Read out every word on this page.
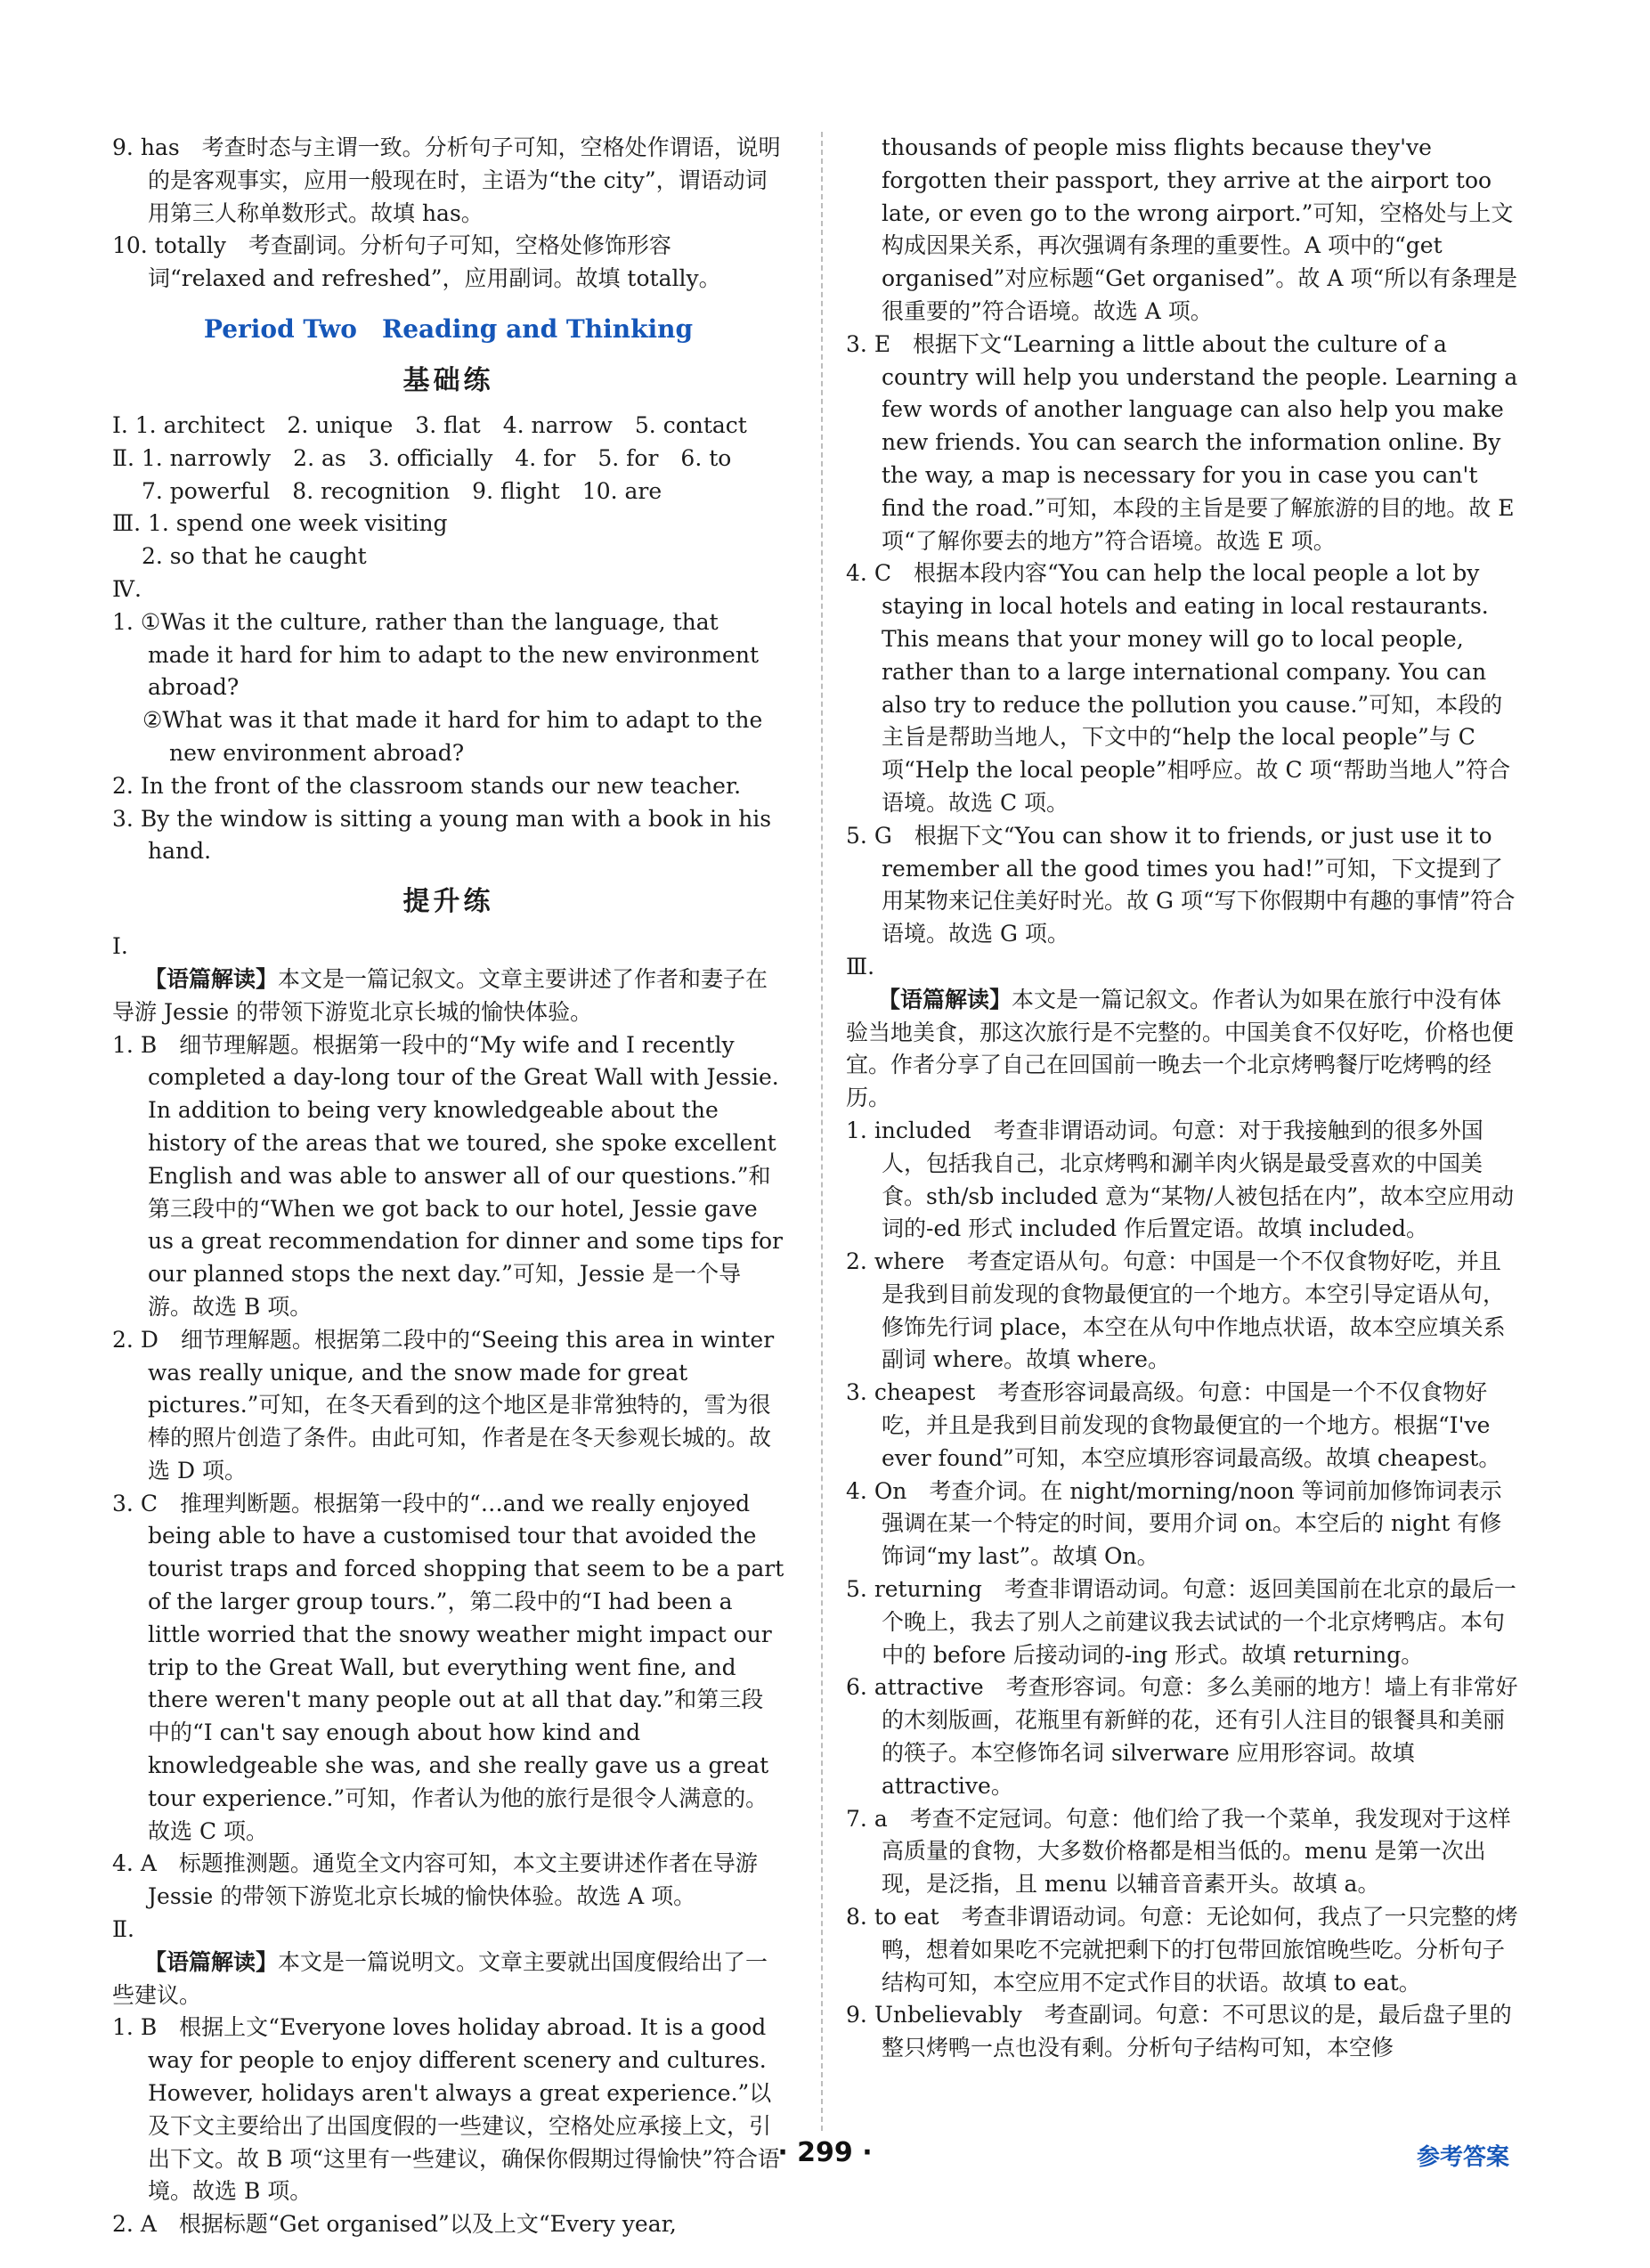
9. has　考查时态与主谓一致。分析句子可知，空格处作谓语，说明的是客观事实，应用一般现在时，主语为“the city”，谓语动词用第三人称单数形式。故填 has。

10. totally　考查副词。分析句子可知，空格处修饰形容词“relaxed and refreshed”，应用副词。故填 totally。

Period Two　Reading and Thinking
基础练

Ⅰ. 1. architect　2. unique　3. flat　4. narrow　5. contact

Ⅱ. 1. narrowly　2. as　3. officially　4. for　5. for　6. to

　 7. powerful　8. recognition　9. flight　10. are

Ⅲ. 1. spend one week visiting

　 2. so that he caught

Ⅳ.

1. ①Was it the culture, rather than the language, that made it hard for him to adapt to the new environment abroad?

②What was it that made it hard for him to adapt to the new environment abroad?

2. In the front of the classroom stands our new teacher.

3. By the window is sitting a young man with a book in his hand.

提升练
Ⅰ.

【语篇解读】本文是一篇记叙文。文章主要讲述了作者和妻子在导游 Jessie 的带领下游览北京长城的愉快体验。

1. B　细节理解题。根据第一段中的“My wife and I recently completed a day-long tour of the Great Wall with Jessie. In addition to being very knowledgeable about the history of the areas that we toured, she spoke excellent English and was able to answer all of our questions.”和第三段中的“When we got back to our hotel, Jessie gave us a great recommendation for dinner and some tips for our planned stops the next day.”可知，Jessie 是一个导游。故选 B 项。

2. D　细节理解题。根据第二段中的“Seeing this area in winter was really unique, and the snow made for great pictures.”可知，在冬天看到的这个地区是非常独特的，雪为很棒的照片创造了条件。由此可知，作者是在冬天参观长城的。故选 D 项。

3. C　推理判断题。根据第一段中的“…and we really enjoyed being able to have a customised tour that avoided the tourist traps and forced shopping that seem to be a part of the larger group tours.”，第二段中的“I had been a little worried that the snowy weather might impact our trip to the Great Wall, but everything went fine, and there weren't many people out at all that day.”和第三段中的“I can't say enough about how kind and knowledgeable she was, and she really gave us a great tour experience.”可知，作者认为他的旅行是很令人满意的。故选 C 项。

4. A　标题推测题。通览全文内容可知，本文主要讲述作者在导游 Jessie 的带领下游览北京长城的愉快体验。故选 A 项。

Ⅱ.

【语篇解读】本文是一篇说明文。文章主要就出国度假给出了一些建议。

1. B　根据上文“Everyone loves holiday abroad. It is a good way for people to enjoy different scenery and cultures. However, holidays aren't always a great experience.”以及下文主要给出了出国度假的一些建议，空格处应承接上文，引出下文。故 B 项“这里有一些建议，确保你假期过得愉快”符合语境。故选 B 项。

2. A　根据标题“Get organised”以及上文“Every year,

thousands of people miss flights because they've forgotten their passport, they arrive at the airport too late, or even go to the wrong airport.”可知，空格处与上文构成因果关系，再次强调有条理的重要性。A 项中的“get organised”对应标题“Get organised”。故 A 项“所以有条理是很重要的”符合语境。故选 A 项。

3. E　根据下文“Learning a little about the culture of a country will help you understand the people. Learning a few words of another language can also help you make new friends. You can search the information online. By the way, a map is necessary for you in case you can't find the road.”可知，本段的主旨是要了解旅游的目的地。故 E 项“了解你要去的地方”符合语境。故选 E 项。

4. C　根据本段内容“You can help the local people a lot by staying in local hotels and eating in local restaurants. This means that your money will go to local people, rather than to a large international company. You can also try to reduce the pollution you cause.”可知，本段的主旨是帮助当地人，下文中的“help the local people”与 C 项“Help the local people”相呼应。故 C 项“帮助当地人”符合语境。故选 C 项。

5. G　根据下文“You can show it to friends, or just use it to remember all the good times you had!”可知，下文提到了用某物来记住美好时光。故 G 项“写下你假期中有趣的事情”符合语境。故选 G 项。

Ⅲ.

【语篇解读】本文是一篇记叙文。作者认为如果在旅行中没有体验当地美食，那这次旅行是不完整的。中国美食不仅好吃，价格也便宜。作者分享了自己在回国前一晚去一个北京烤鸭餐厅吃烤鸭的经历。

1. included　考查非谓语动词。句意：对于我接触到的很多外国人，包括我自己，北京烤鸭和涮羊肉火锅是最受喜欢的中国美食。sth/sb included 意为“某物/人被包括在内”，故本空应用动词的-ed 形式 included 作后置定语。故填 included。

2. where　考查定语从句。句意：中国是一个不仅食物好吃，并且是我到目前发现的食物最便宜的一个地方。本空引导定语从句，修饰先行词 place，本空在从句中作地点状语，故本空应填关系副词 where。故填 where。

3. cheapest　考查形容词最高级。句意：中国是一个不仅食物好吃，并且是我到目前发现的食物最便宜的一个地方。根据“I've ever found”可知，本空应填形容词最高级。故填 cheapest。

4. On　考查介词。在 night/morning/noon 等词前加修饰词表示强调在某一个特定的时间，要用介词 on。本空后的 night 有修饰词“my last”。故填 On。

5. returning　考查非谓语动词。句意：返回美国前在北京的最后一个晚上，我去了别人之前建议我去试试的一个北京烤鸭店。本句中的 before 后接动词的-ing 形式。故填 returning。

6. attractive　考查形容词。句意：多么美丽的地方！墙上有非常好的木刻版画，花瓶里有新鲜的花，还有引人注目的银餐具和美丽的筷子。本空修饰名词 silverware 应用形容词。故填 attractive。

7. a　考查不定冠词。句意：他们给了我一个菜单，我发现对于这样高质量的食物，大多数价格都是相当低的。menu 是第一次出现，是泛指，且 menu 以辅音音素开头。故填 a。

8. to eat　考查非谓语动词。句意：无论如何，我点了一只完整的烤鸭，想着如果吃不完就把剩下的打包带回旅馆晚些吃。分析句子结构可知，本空应用不定式作目的状语。故填 to eat。

9. Unbelievably　考查副词。句意：不可思议的是，最后盘子里的整只烤鸭一点也没有剩。分析句子结构可知，本空修

· 299 ·	参考答案
